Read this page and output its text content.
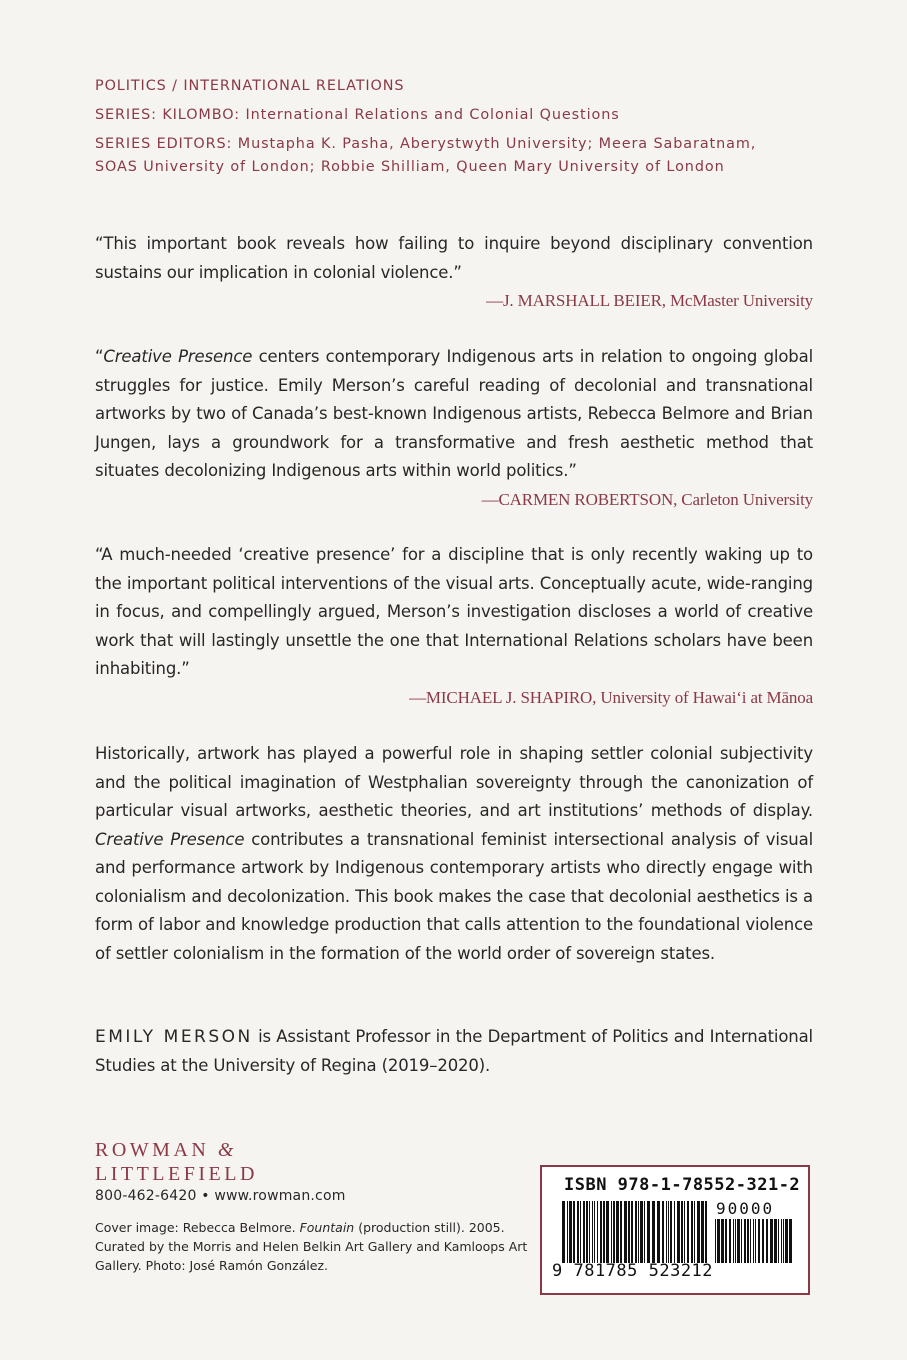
POLITICS / INTERNATIONAL RELATIONS
SERIES: KILOMBO: International Relations and Colonial Questions
SERIES EDITORS: Mustapha K. Pasha, Aberystwyth University; Meera Sabaratnam,
SOAS University of London; Robbie Shilliam, Queen Mary University of London
“This important book reveals how failing to inquire beyond disciplinary convention sustains our implication in colonial violence.”
—J. MARSHALL BEIER, McMaster University
“Creative Presence centers contemporary Indigenous arts in relation to ongoing global struggles for justice. Emily Merson’s careful reading of decolonial and transnational artworks by two of Canada’s best-known Indigenous artists, Rebecca Belmore and Brian Jungen, lays a groundwork for a transformative and fresh aesthetic method that situates decolonizing Indigenous arts within world politics.”
—CARMEN ROBERTSON, Carleton University
“A much-needed ‘creative presence’ for a discipline that is only recently waking up to the important political interventions of the visual arts. Conceptually acute, wide-ranging in focus, and compellingly argued, Merson’s investigation discloses a world of creative work that will lastingly unsettle the one that International Relations scholars have been inhabiting.”
—MICHAEL J. SHAPIRO, University of Hawai‘i at Mānoa
Historically, artwork has played a powerful role in shaping settler colonial subjectivity and the political imagination of Westphalian sovereignty through the canonization of particular visual artworks, aesthetic theories, and art institutions’ methods of display. Creative Presence contributes a transnational feminist intersectional analysis of visual and performance artwork by Indigenous contemporary artists who directly engage with colonialism and decolonization. This book makes the case that decolonial aesthetics is a form of labor and knowledge production that calls attention to the foundational violence of settler colonialism in the formation of the world order of sovereign states.
EMILY MERSON is Assistant Professor in the Department of Politics and International Studies at the University of Regina (2019–2020).
ROWMAN &
LITTLEFIELD
800-462-6420 • www.rowman.com
Cover image: Rebecca Belmore. Fountain (production still). 2005. Curated by the Morris and Helen Belkin Art Gallery and Kamloops Art Gallery. Photo: José Ramón González.
ISBN 978-1-78552-321-2
90000
9 781785 523212
